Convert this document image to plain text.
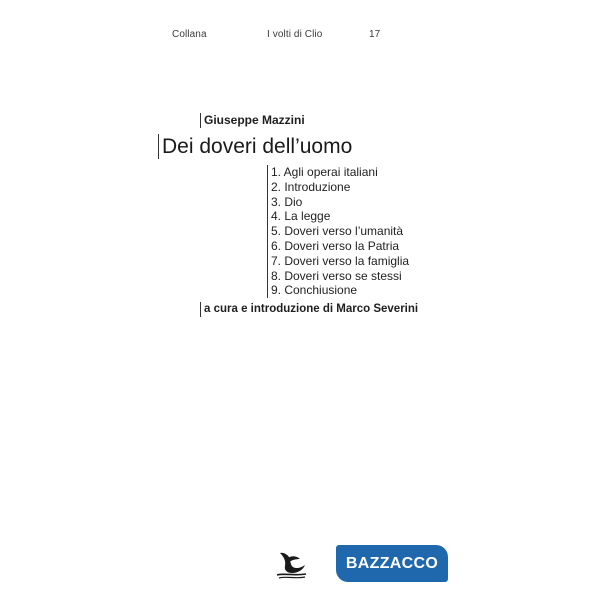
Collana	I volti di Clio	17
Giuseppe Mazzini
Dei doveri dell’uomo
1. Agli operai italiani
2. Introduzione
3. Dio
4. La legge
5. Doveri verso l’umanità
6. Doveri verso la Patria
7. Doveri verso la famiglia
8. Doveri verso se stessi
9. Conchiusione
a cura e introduzione di Marco Severini
BAZZACCO
